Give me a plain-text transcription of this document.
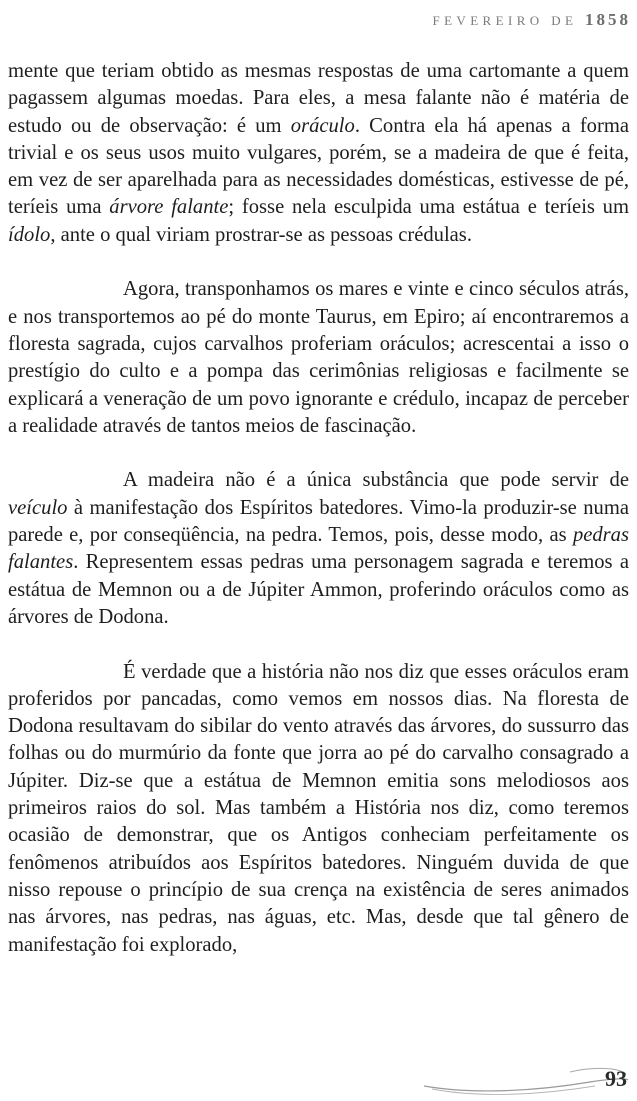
FEVEREIRO DE 1858

mente que teriam obtido as mesmas respostas de uma cartomante a quem pagassem algumas moedas. Para eles, a mesa falante não é matéria de estudo ou de observação: é um oráculo. Contra ela há apenas a forma trivial e os seus usos muito vulgares, porém, se a madeira de que é feita, em vez de ser aparelhada para as necessidades domésticas, estivesse de pé, teríeis uma árvore falante; fosse nela esculpida uma estátua e teríeis um ídolo, ante o qual viriam prostrar-se as pessoas crédulas.

Agora, transponhamos os mares e vinte e cinco séculos atrás, e nos transportemos ao pé do monte Taurus, em Epiro; aí encontraremos a floresta sagrada, cujos carvalhos proferiam oráculos; acrescentai a isso o prestígio do culto e a pompa das cerimônias religiosas e facilmente se explicará a veneração de um povo ignorante e crédulo, incapaz de perceber a realidade através de tantos meios de fascinação.

A madeira não é a única substância que pode servir de veículo à manifestação dos Espíritos batedores. Vimo-la produzir-se numa parede e, por conseqüência, na pedra. Temos, pois, desse modo, as pedras falantes. Representem essas pedras uma personagem sagrada e teremos a estátua de Memnon ou a de Júpiter Ammon, proferindo oráculos como as árvores de Dodona.

É verdade que a história não nos diz que esses oráculos eram proferidos por pancadas, como vemos em nossos dias. Na floresta de Dodona resultavam do sibilar do vento através das árvores, do sussurro das folhas ou do murmúrio da fonte que jorra ao pé do carvalho consagrado a Júpiter. Diz-se que a estátua de Memnon emitia sons melodiosos aos primeiros raios do sol. Mas também a História nos diz, como teremos ocasião de demonstrar, que os Antigos conheciam perfeitamente os fenômenos atribuídos aos Espíritos batedores. Ninguém duvida de que nisso repouse o princípio de sua crença na existência de seres animados nas árvores, nas pedras, nas águas, etc. Mas, desde que tal gênero de manifestação foi explorado,

93
